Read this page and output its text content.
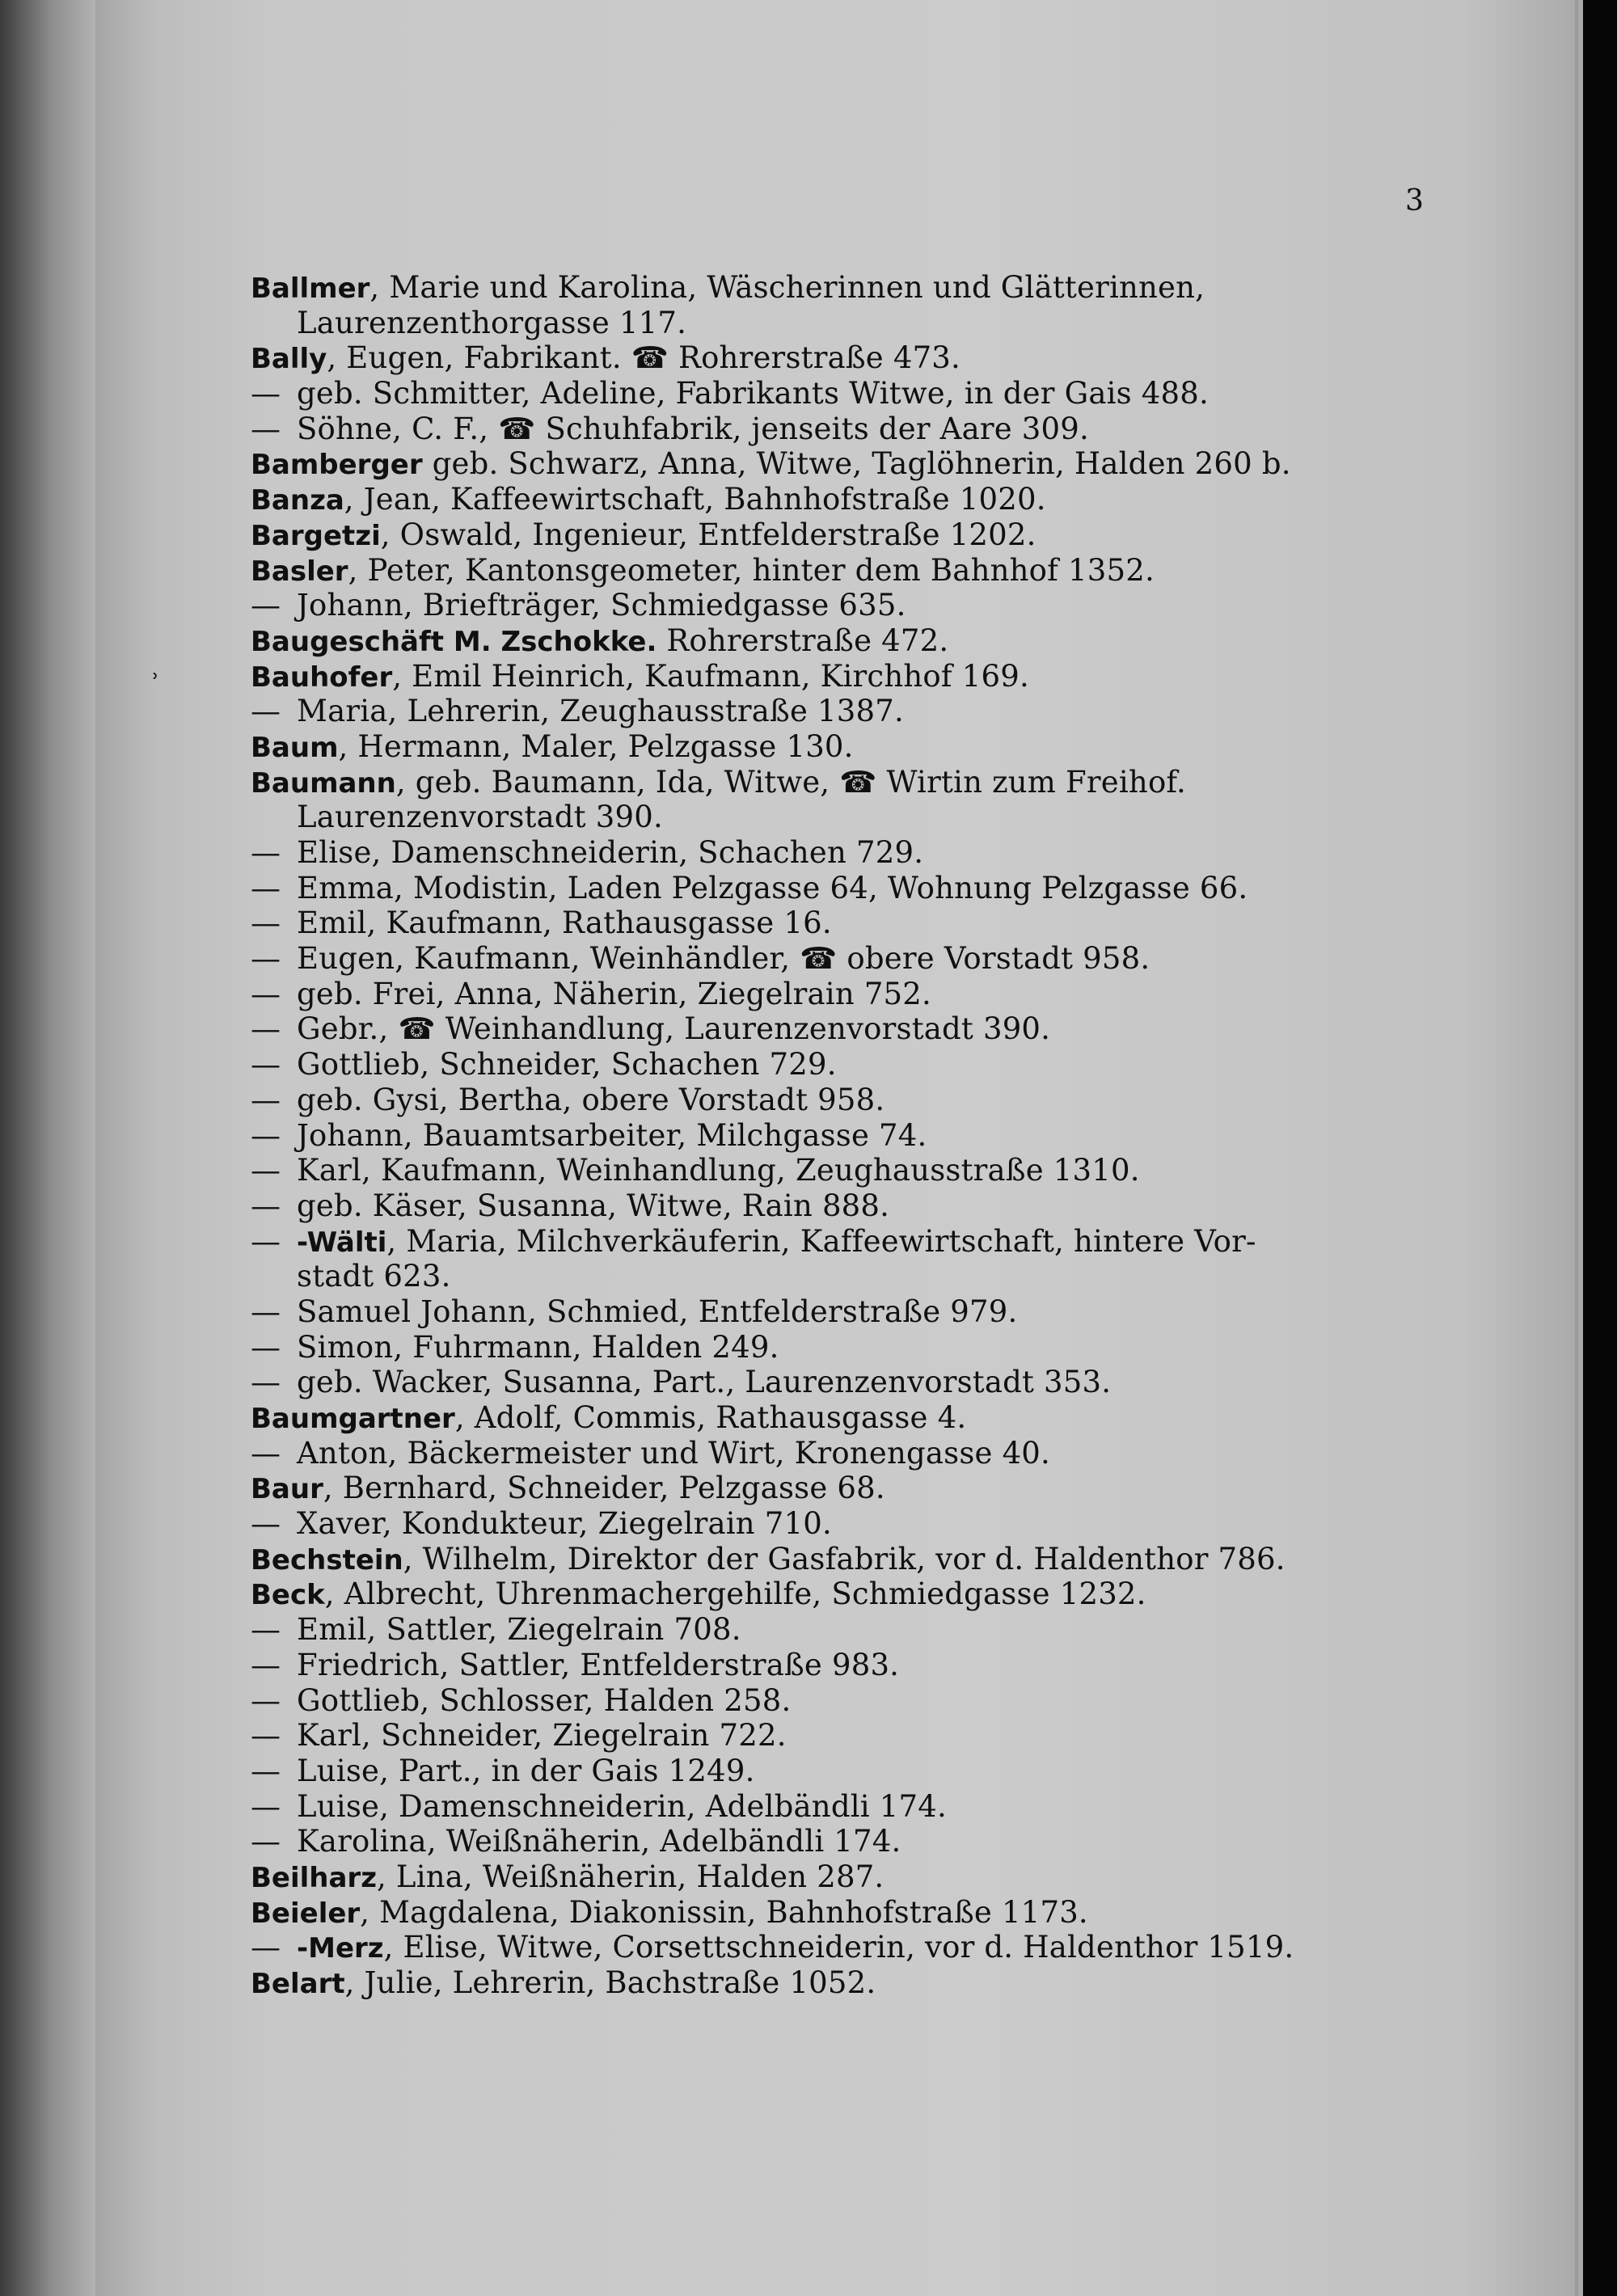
3
ʾ
Ballmer, Marie und Karolina, Wäscherinnen und Glätterinnen,
Laurenzenthorgasse 117.
Bally, Eugen, Fabrikant. ☎ Rohrerstraße 473.
— geb. Schmitter, Adeline, Fabrikants Witwe, in der Gais 488.
— Söhne, C. F., ☎ Schuhfabrik, jenseits der Aare 309.
Bamberger geb. Schwarz, Anna, Witwe, Taglöhnerin, Halden 260 b.
Banza, Jean, Kaffeewirtschaft, Bahnhofstraße 1020.
Bargetzi, Oswald, Ingenieur, Entfelderstraße 1202.
Basler, Peter, Kantonsgeometer, hinter dem Bahnhof 1352.
— Johann, Briefträger, Schmiedgasse 635.
Baugeschäft M. Zschokke. Rohrerstraße 472.
Bauhofer, Emil Heinrich, Kaufmann, Kirchhof 169.
— Maria, Lehrerin, Zeughausstraße 1387.
Baum, Hermann, Maler, Pelzgasse 130.
Baumann, geb. Baumann, Ida, Witwe, ☎ Wirtin zum Freihof.
Laurenzenvorstadt 390.
— Elise, Damenschneiderin, Schachen 729.
— Emma, Modistin, Laden Pelzgasse 64, Wohnung Pelzgasse 66.
— Emil, Kaufmann, Rathausgasse 16.
— Eugen, Kaufmann, Weinhändler, ☎ obere Vorstadt 958.
— geb. Frei, Anna, Näherin, Ziegelrain 752.
— Gebr., ☎ Weinhandlung, Laurenzenvorstadt 390.
— Gottlieb, Schneider, Schachen 729.
— geb. Gysi, Bertha, obere Vorstadt 958.
— Johann, Bauamtsarbeiter, Milchgasse 74.
— Karl, Kaufmann, Weinhandlung, Zeughausstraße 1310.
— geb. Käser, Susanna, Witwe, Rain 888.
— -Wälti, Maria, Milchverkäuferin, Kaffeewirtschaft, hintere Vor-
stadt 623.
— Samuel Johann, Schmied, Entfelderstraße 979.
— Simon, Fuhrmann, Halden 249.
— geb. Wacker, Susanna, Part., Laurenzenvorstadt 353.
Baumgartner, Adolf, Commis, Rathausgasse 4.
— Anton, Bäckermeister und Wirt, Kronengasse 40.
Baur, Bernhard, Schneider, Pelzgasse 68.
— Xaver, Kondukteur, Ziegelrain 710.
Bechstein, Wilhelm, Direktor der Gasfabrik, vor d. Haldenthor 786.
Beck, Albrecht, Uhrenmachergehilfe, Schmiedgasse 1232.
— Emil, Sattler, Ziegelrain 708.
— Friedrich, Sattler, Entfelderstraße 983.
— Gottlieb, Schlosser, Halden 258.
— Karl, Schneider, Ziegelrain 722.
— Luise, Part., in der Gais 1249.
— Luise, Damenschneiderin, Adelbändli 174.
— Karolina, Weißnäherin, Adelbändli 174.
Beilharz, Lina, Weißnäherin, Halden 287.
Beieler, Magdalena, Diakonissin, Bahnhofstraße 1173.
— -Merz, Elise, Witwe, Corsettschneiderin, vor d. Haldenthor 1519.
Belart, Julie, Lehrerin, Bachstraße 1052.
